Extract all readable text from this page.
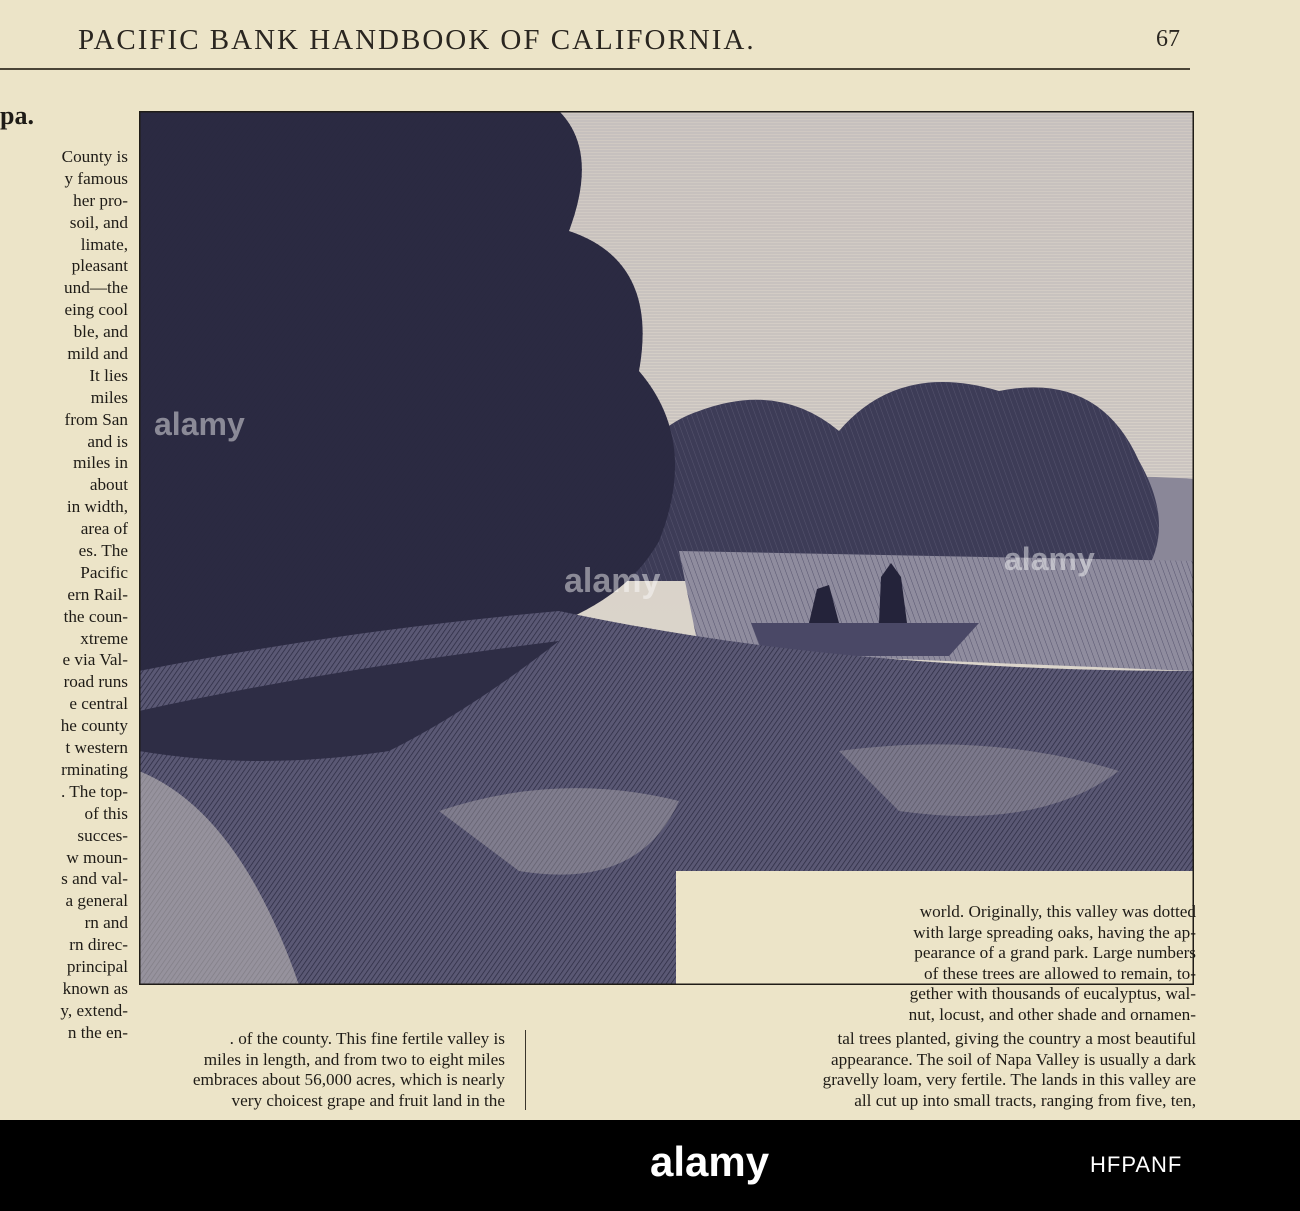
PACIFIC BANK HANDBOOK OF CALIFORNIA.	67
pa.
County is
y famous
her pro-
soil, and
limate,
pleasant
und—the
eing cool
ble, and
mild and
It lies
miles
from San
and is
miles in
about
in width,
area of
es. The
Pacific
ern Rail-
the coun-
xtreme
e via Val-
road runs
e central
he county
t western
rminating
. The top-
of this
succes-
w moun-
s and val-
a general
rn and
rn direc-
principal
known as
y, extend-
n the en-
world. Originally, this valley was dotted
with large spreading oaks, having the ap-
pearance of a grand park. Large numbers
of these trees are allowed to remain, to-
gether with thousands of eucalyptus, wal-
nut, locust, and other shade and ornamen-
. of the county. This fine fertile valley is
miles in length, and from two to eight miles
embraces about 56,000 acres, which is nearly
very choicest grape and fruit land in the
tal trees planted, giving the country a most beautiful
appearance. The soil of Napa Valley is usually a dark
gravelly loam, very fertile. The lands in this valley are
all cut up into small tracts, ranging from five, ten,
alamy
alamy
alamy
alamy	HFPANF
